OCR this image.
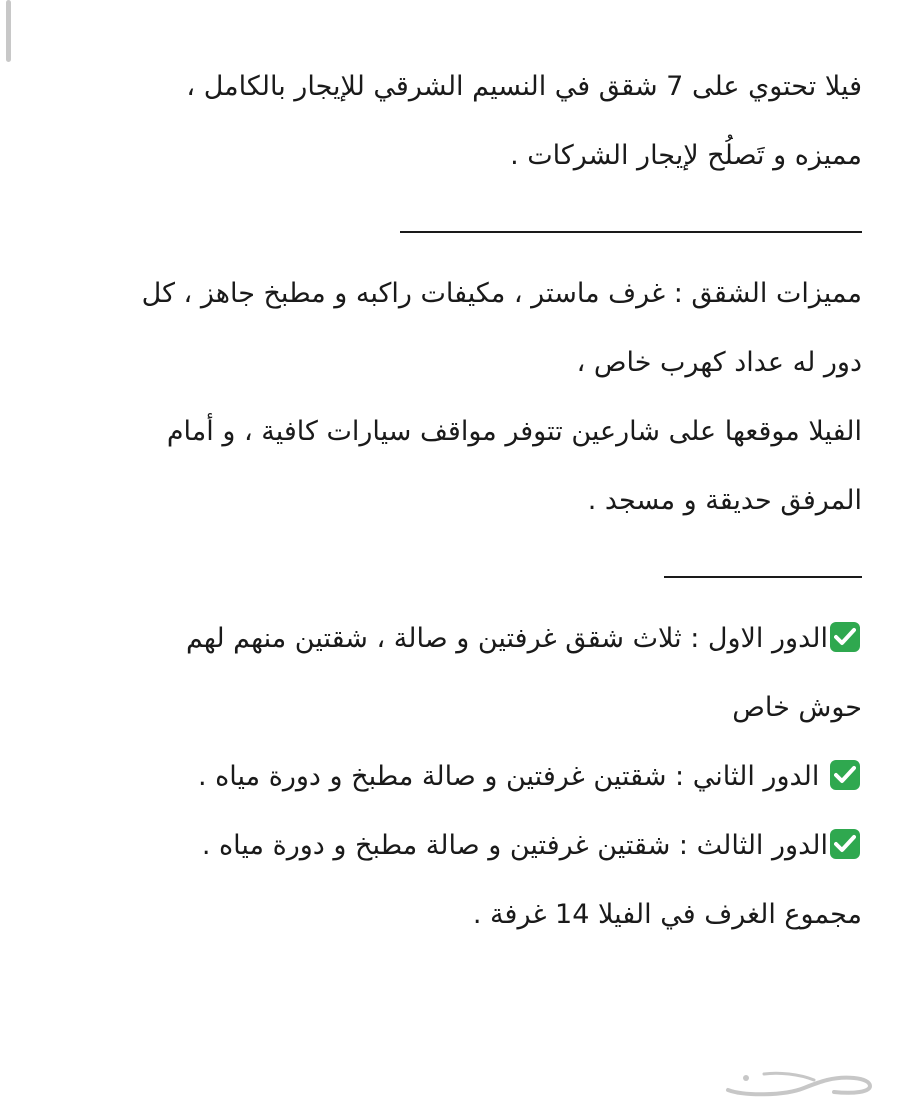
فيلا تحتوي على 7 شقق في النسيم الشرقي للإيجار بالكامل ،
مميزه و تَصلُح لإيجار الشركات .
مميزات الشقق : غرف ماستر ، مكيفات راكبه و مطبخ جاهز ، كل
دور له عداد كهرب خاص ،
الفيلا موقعها على شارعين تتوفر مواقف سيارات كافية ، و أمام
المرفق حديقة و مسجد .
الدور الاول : ثلاث شقق غرفتين و صالة ، شقتين منهم لهم
حوش خاص
الدور الثاني : شقتين غرفتين و صالة مطبخ و دورة مياه .
الدور الثالث : شقتين غرفتين و صالة مطبخ و دورة مياه .
مجموع الغرف في الفيلا 14 غرفة .
